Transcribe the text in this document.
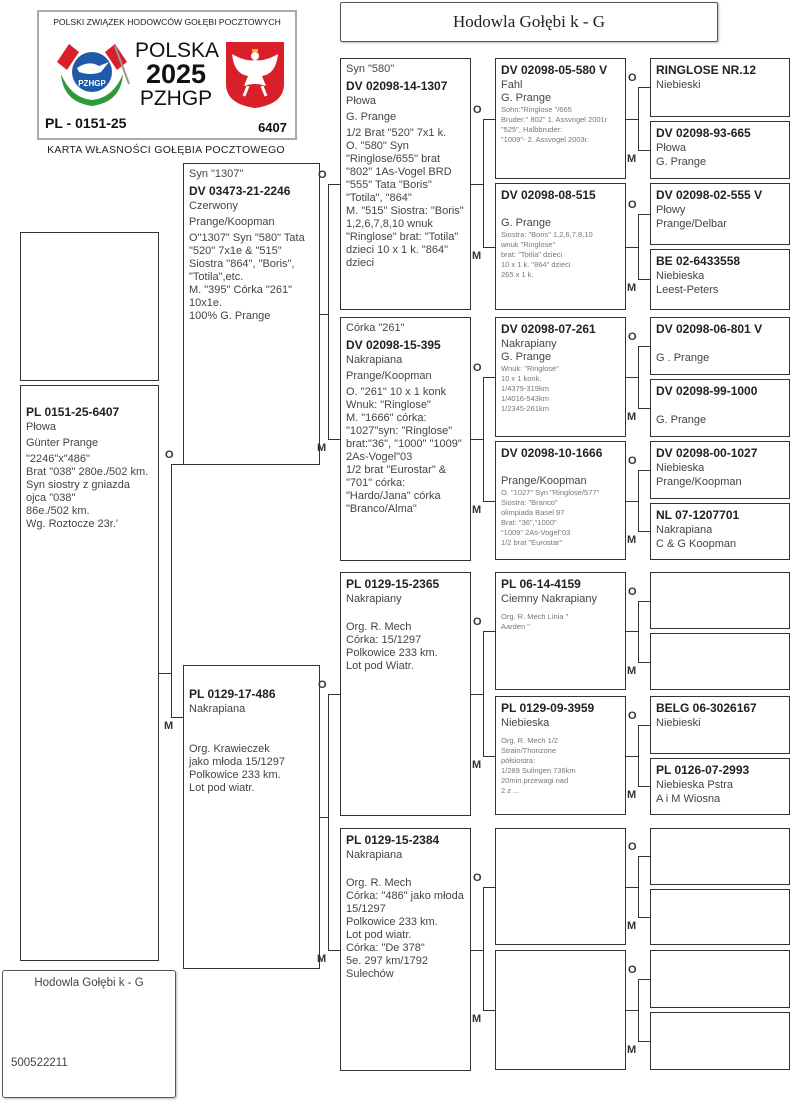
POLSKI ZWIĄZEK HODOWCÓW GOŁĘBI POCZTOWYCH
PZHGP
POLSKA
2025
PZHGP
PL - 0151-25	6407
KARTA WŁASNOŚCI GOŁĘBIA POCZTOWEGO
Hodowla Gołębi k - G
PL 0151-25-6407
Płowa
Günter Prange
"2246"x"486"
Brat "038" 280e./502 km.
Syn siostry z gniazda ojca "038"
86e./502 km.
Wg. Roztocze 23r.'
Syn "1307"
DV 03473-21-2246
Czerwony
Prange/Koopman
O"1307" Syn "580" Tata "520" 7x1e & "515" Siostra "864", "Boris", "Totila",etc.
M. "395" Córka "261" 10x1e.
100% G. Prange
PL 0129-17-486
Nakrapiana
Org. Krawieczek
jako młoda 15/1297
Polkowice 233 km.
Lot pod wiatr.
Syn "580"
DV 02098-14-1307
Płowa
G. Prange
1/2 Brat "520" 7x1 k.
O. "580" Syn "Ringlose/655" brat "802" 1As-Vogel BRD "555" Tata "Boris" "Totila", "864"
M. "515" Siostra: "Boris" 1,2,6,7,8,10 wnuk "Ringlose" brat: "Totila" dzieci 10 x 1 k. "864" dzieci
Córka "261"
DV 02098-15-395
Nakrapiana
Prange/Koopman
O. "261" 10 x 1 konk
Wnuk: "Ringlose"
M. "1666" córka: "1027"syn: "Ringlose" brat:"36", "1000" "1009" 2As-Vogel"03
1/2 brat "Eurostar" & "701" córka: "Hardo/Jana" córka "Branco/Alma"
PL 0129-15-2365
Nakrapiany
Org. R. Mech
Córka: 15/1297
Polkowice 233 km.
Lot pod Wiatr.
PL 0129-15-2384
Nakrapiana
Org. R. Mech
Córka: "486" jako młoda 15/1297
Polkowice 233 km.
Lot pod wiatr.
Córka: "De 378"
5e. 297 km/1792
Sulechów
DV 02098-05-580 V
Fahl
G. Prange
Sohn:"Ringlose "/665
Bruder:" 802" 1. Assvogel 2001r
"525", Halbbruder:
"1009"- 2. Assvogel 2003r.
DV 02098-08-515
G. Prange
Siostra: "Boris" 1,2,6,7,8,10
wnuk "Ringlose"
brat: "Totila" dzieci
10 x 1 k. "864" dzieci
265 x 1 k.
DV 02098-07-261
Nakrapiany
G. Prange
Wnuk: "Ringlose"
10 x 1 konk.
1/4379-319km
1/4016-543km
1/2345-261km
DV 02098-10-1666
Prange/Koopman
O. "1027" Syn "Ringlose/577"
Siostra: "Branco"
olimpiada Basel 97
Brat: "36","1000"
"1009" 2As-Vogel"03
1/2 brat "Eurostar"
PL 06-14-4159
Ciemny Nakrapiany
Org. R. Mech Linia "
Aarden "
PL 0129-09-3959
Niebieska
Org. R. Mech 1/2
Strain/Thorizone
półsiostra:
1/289 Sulingen 736km
20min.przewagi nad
2 z ...
RINGLOSE NR.12
Niebieski
DV 02098-93-665
Płowa
G. Prange
DV 02098-02-555 V
Płowy
Prange/Delbar
BE 02-6433558
Niebieska
Leest-Peters
DV 02098-06-801 V
G . Prange
DV 02098-99-1000
G. Prange
DV 02098-00-1027
Niebieska
Prange/Koopman
NL 07-1207701
Nakrapiana
C & G Koopman
BELG 06-3026167
Niebieski
PL 0126-07-2993
Niebieska Pstra
A i M Wiosna
O
M
O
M
O
M
O
M
O
M
O
M
O
M
O
M
O
M
O
M
O
M
O
M
O
M
O
M
O
M
Hodowla Gołębi k - G
500522211
